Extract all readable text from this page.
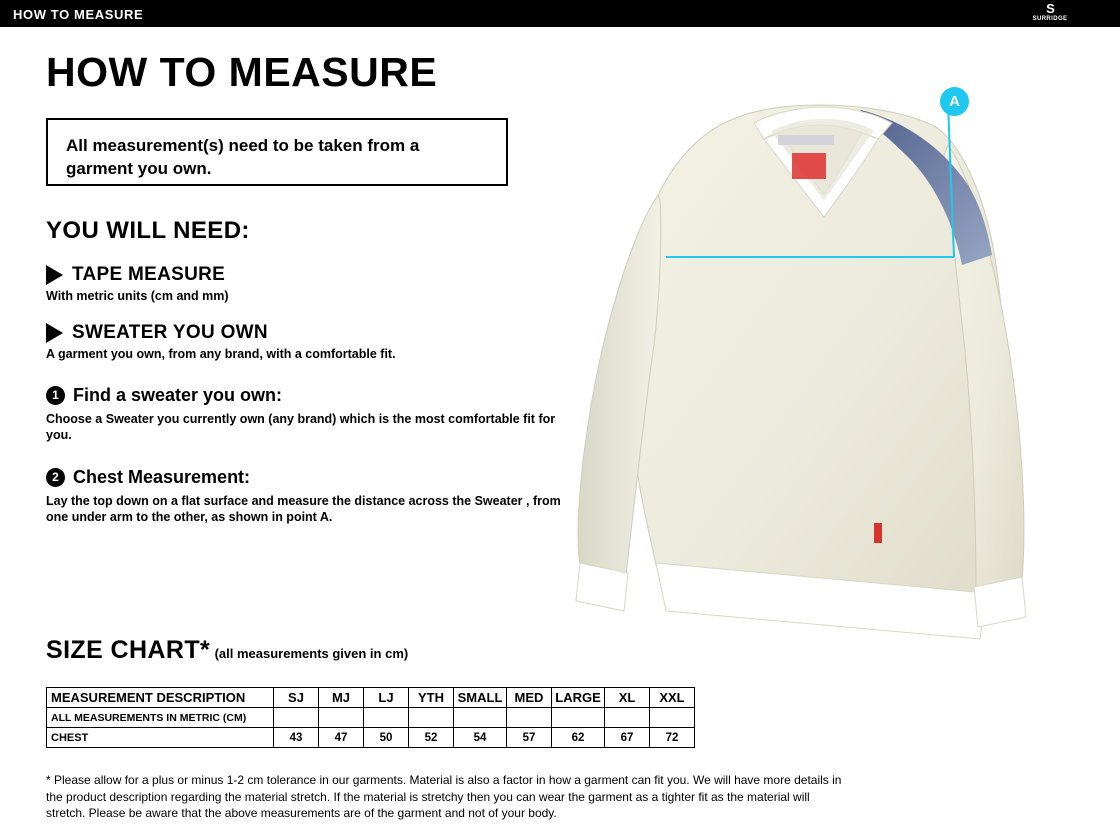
HOW TO MEASURE	S
SURRIDGE
HOW TO MEASURE
All measurement(s) need to be taken from a garment you own.
YOU WILL NEED:
TAPE MEASURE
With metric units (cm and mm)
SWEATER YOU OWN
A garment you own, from any brand, with a comfortable fit.
1 Find a sweater you own:
Choose a Sweater you currently own (any brand) which is the most comfortable fit for you.
2 Chest Measurement:
Lay the top down on a flat surface and measure the distance across the Sweater , from one under arm to the other, as shown in point A.
SIZE CHART* (all measurements given in cm)
MEASUREMENT DESCRIPTION	SJ	MJ	LJ	YTH	SMALL	MED	LARGE	XL	XXL
ALL MEASUREMENTS IN METRIC (CM)									
CHEST	43	47	50	52	54	57	62	67	72
* Please allow for a plus or minus 1-2 cm tolerance in our garments. Material is also a factor in how a garment can fit you. We will have more details in the product description regarding the material stretch. If the material is stretchy then you can wear the garment as a tighter fit as the material will stretch. Please be aware that the above measurements are of the garment and not of your body.
A
